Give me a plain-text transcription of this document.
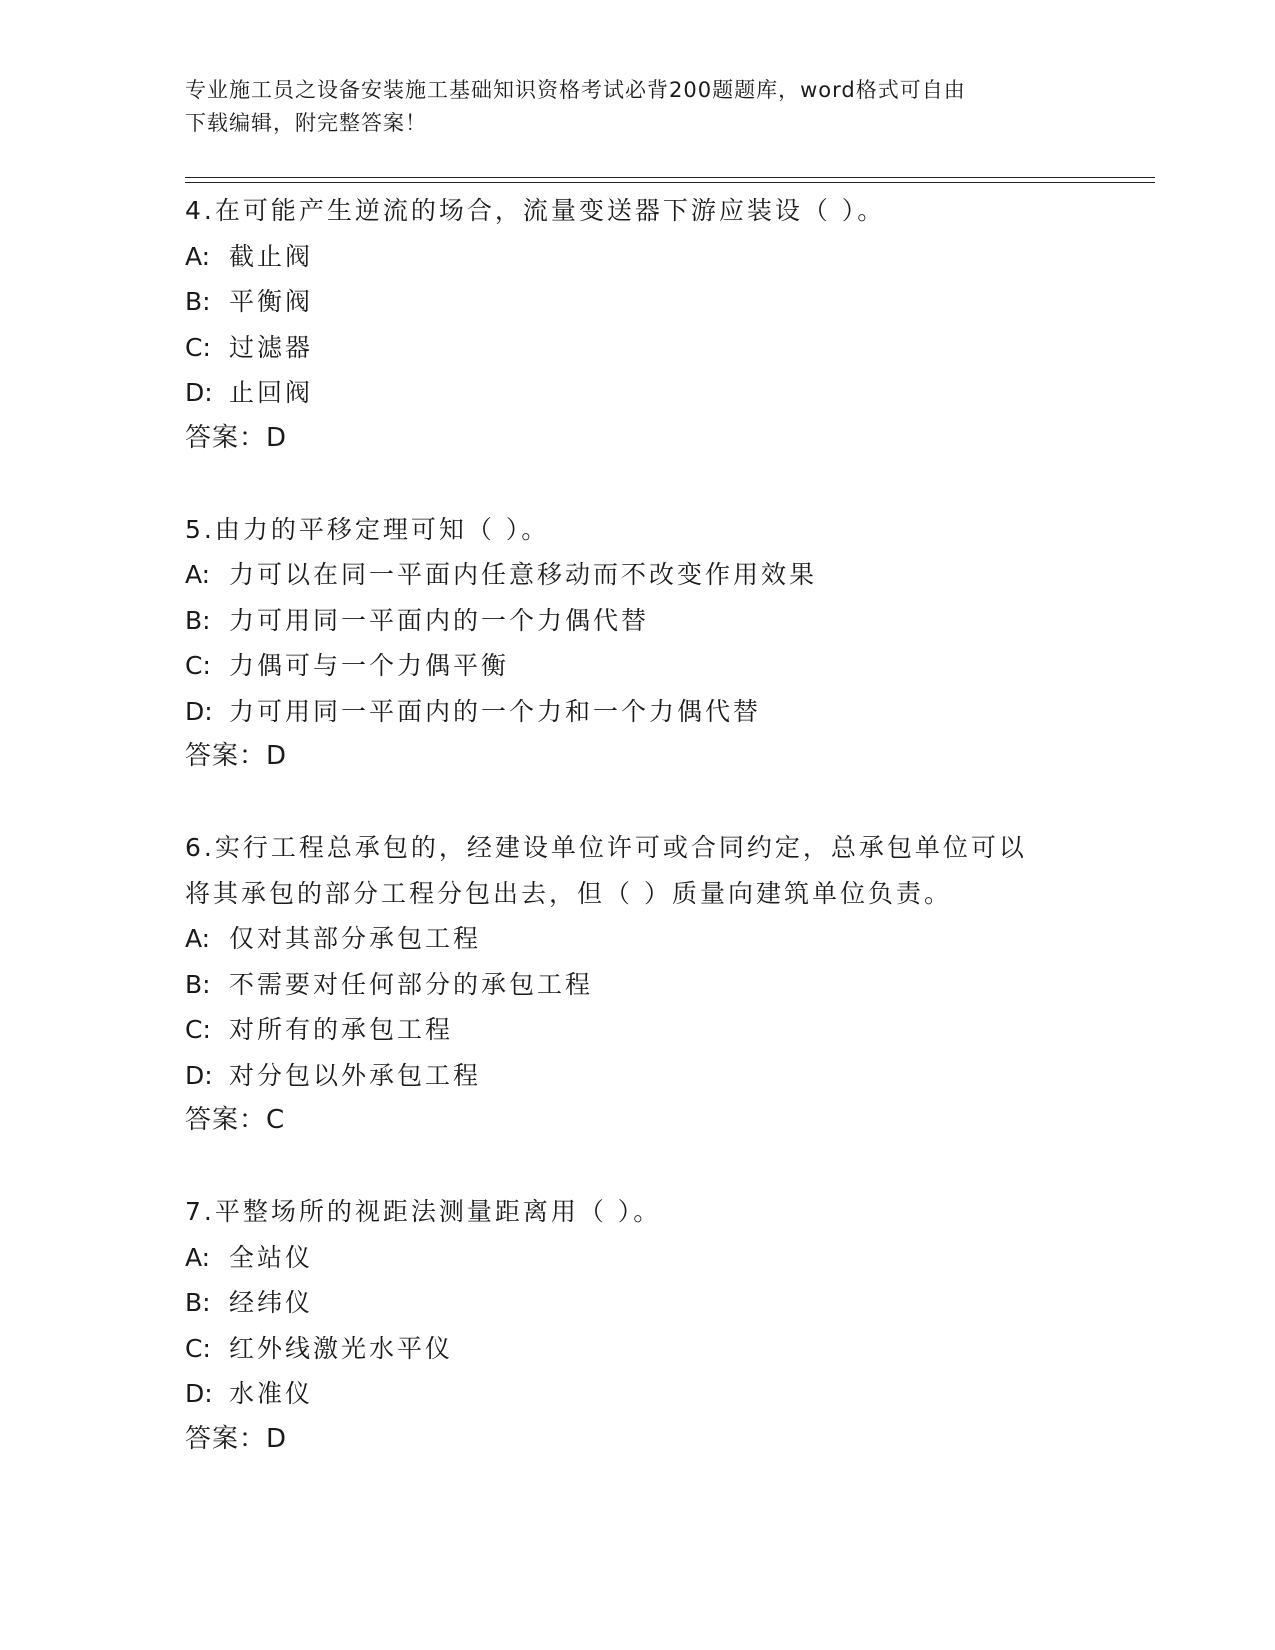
专业施工员之设备安装施工基础知识资格考试必背200题题库，word格式可自由
下载编辑，附完整答案！
4.在可能产生逆流的场合，流量变送器下游应装设（ ）。
A: 截止阀
B: 平衡阀
C: 过滤器
D: 止回阀
答案：D
5.由力的平移定理可知（ ）。
A: 力可以在同一平面内任意移动而不改变作用效果
B: 力可用同一平面内的一个力偶代替
C: 力偶可与一个力偶平衡
D: 力可用同一平面内的一个力和一个力偶代替
答案：D
6.实行工程总承包的，经建设单位许可或合同约定，总承包单位可以
将其承包的部分工程分包出去，但（ ）质量向建筑单位负责。
A: 仅对其部分承包工程
B: 不需要对任何部分的承包工程
C: 对所有的承包工程
D: 对分包以外承包工程
答案：C
7.平整场所的视距法测量距离用（ ）。
A: 全站仪
B: 经纬仪
C: 红外线激光水平仪
D: 水准仪
答案：D
